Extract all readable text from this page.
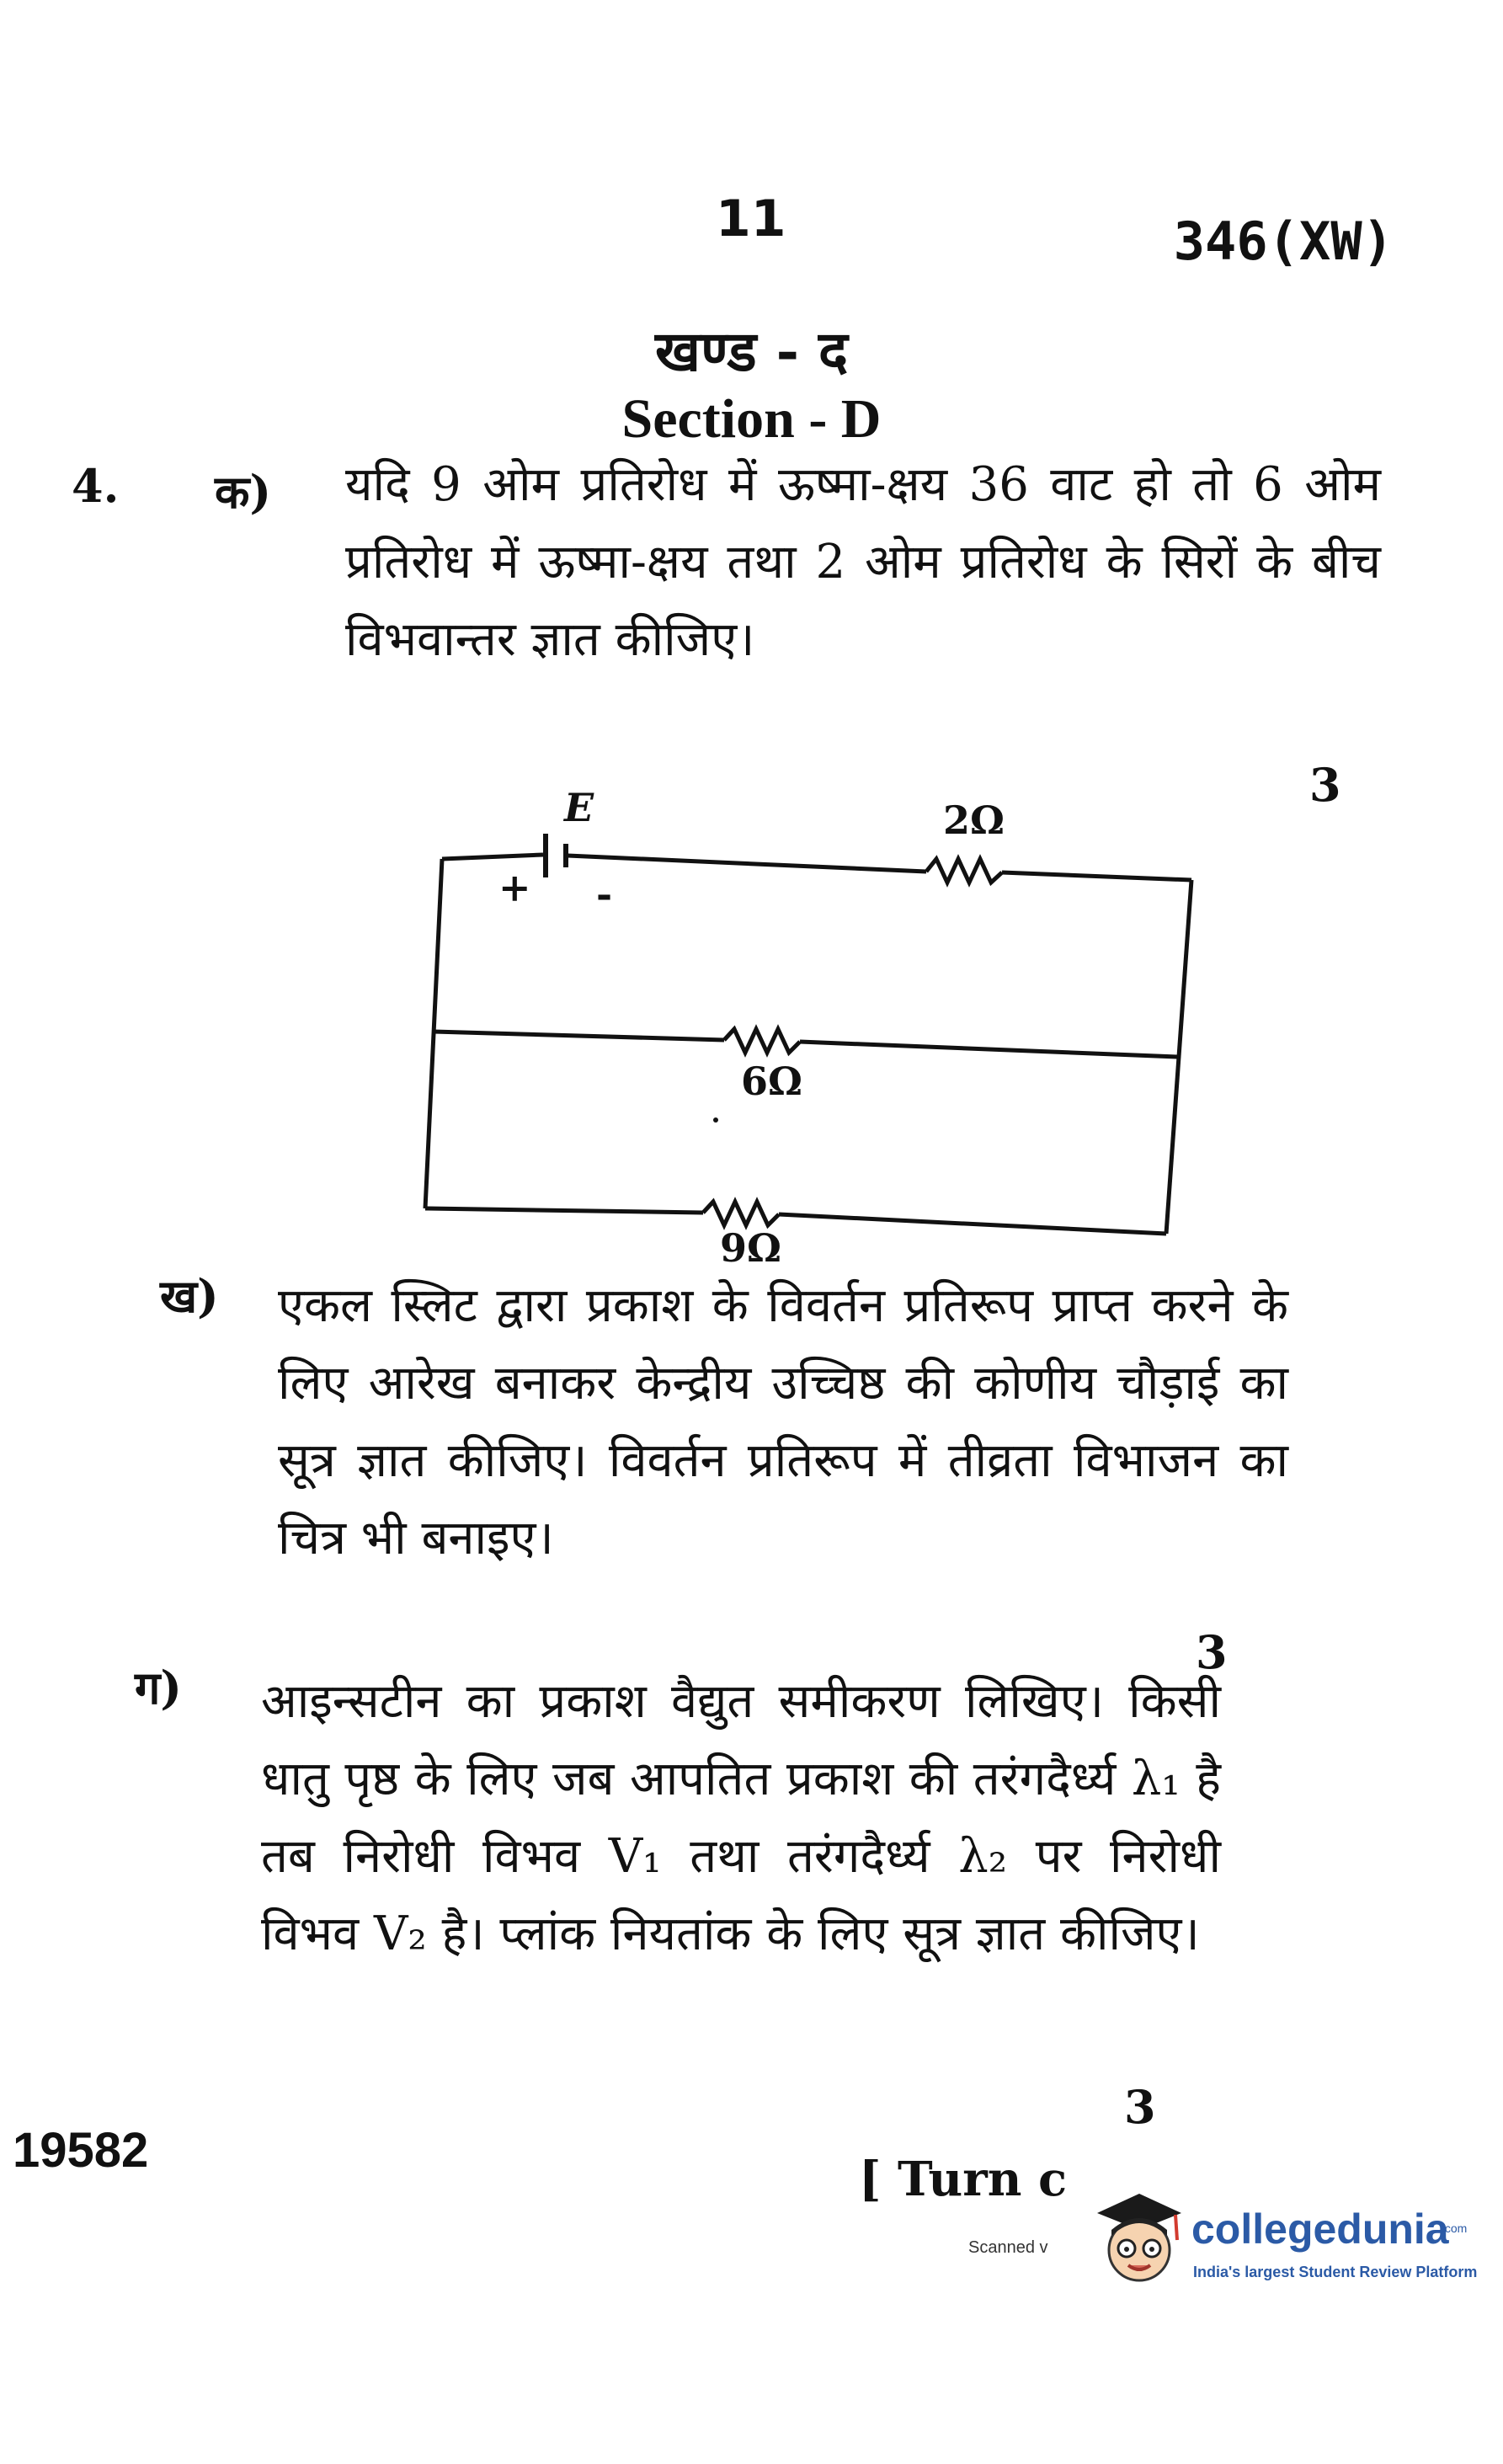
11	346(XW)
खण्ड - द
Section - D
4. क) यदि 9 ओम प्रतिरोध में ऊष्मा-क्षय 36 वाट हो तो 6 ओम प्रतिरोध में ऊष्मा-क्षय तथा 2 ओम प्रतिरोध के सिरों के बीच विभवान्तर ज्ञात कीजिए।
3
E
+ -
2Ω
6Ω
9Ω
ख) एकल स्लिट द्वारा प्रकाश के विवर्तन प्रतिरूप प्राप्त करने के लिए आरेख बनाकर केन्द्रीय उच्चिष्ठ की कोणीय चौड़ाई का सूत्र ज्ञात कीजिए। विवर्तन प्रतिरूप में तीव्रता विभाजन का चित्र भी बनाइए।
3
ग) आइन्सटीन का प्रकाश वैद्युत समीकरण लिखिए। किसी धातु पृष्ठ के लिए जब आपतित प्रकाश की तरंगदैर्ध्य λ₁ है तब निरोधी विभव V₁ तथा तरंगदैर्ध्य λ₂ पर निरोधी विभव V₂ है। प्लांक नियतांक के लिए सूत्र ज्ञात कीजिए।
3
19582
[ Turn c
Scanned v	collegedunia
.com
India's largest Student Review Platform
